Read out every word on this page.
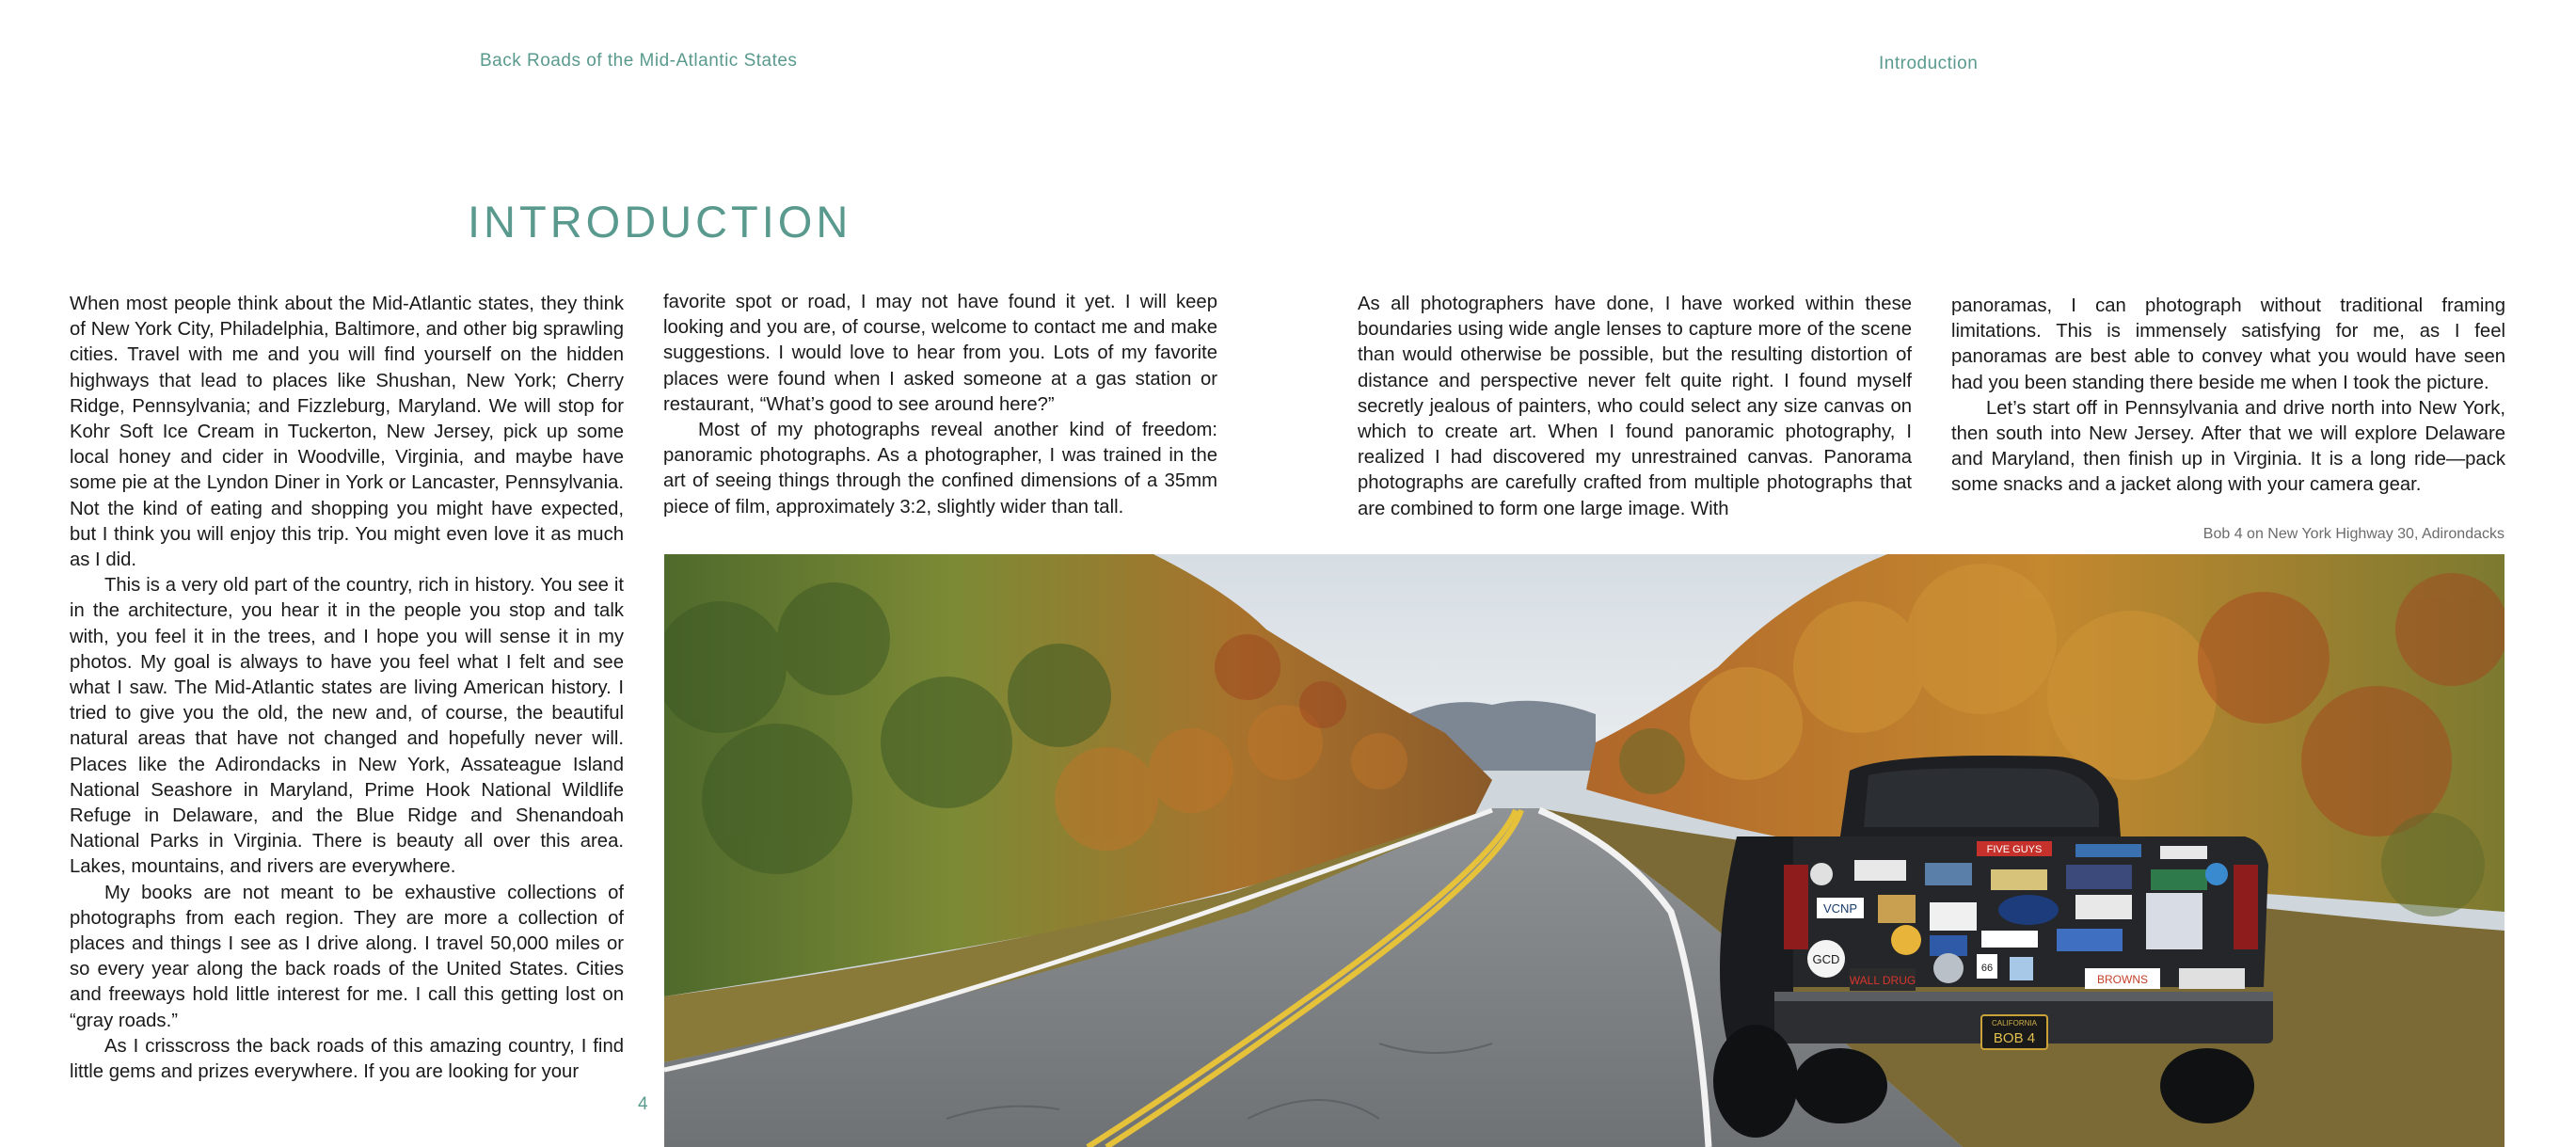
Back Roads of the Mid-Atlantic States	Introduction
INTRODUCTION

When most people think about the Mid-Atlantic states, they think of New York City, Philadelphia, Baltimore, and other big sprawling cities. Travel with me and you will find yourself on the hidden highways that lead to places like Shushan, New York; Cherry Ridge, Pennsylvania; and Fizzleburg, Maryland. We will stop for Kohr Soft Ice Cream in Tuckerton, New Jersey, pick up some local honey and cider in Woodville, Virginia, and maybe have some pie at the Lyndon Diner in York or Lancaster, Pennsylvania. Not the kind of eating and shopping you might have expected, but I think you will enjoy this trip. You might even love it as much as I did.

This is a very old part of the country, rich in history. You see it in the architecture, you hear it in the people you stop and talk with, you feel it in the trees, and I hope you will sense it in my photos. My goal is always to have you feel what I felt and see what I saw. The Mid-Atlantic states are living American history. I tried to give you the old, the new and, of course, the beautiful natural areas that have not changed and hopefully never will. Places like the Adirondacks in New York, Assateague Island National Seashore in Maryland, Prime Hook National Wildlife Refuge in Delaware, and the Blue Ridge and Shenandoah National Parks in Virginia. There is beauty all over this area. Lakes, mountains, and rivers are everywhere.

My books are not meant to be exhaustive collections of photographs from each region. They are more a collection of places and things I see as I drive along. I travel 50,000 miles or so every year along the back roads of the United States. Cities and freeways hold little interest for me. I call this getting lost on “gray roads.”

As I crisscross the back roads of this amazing country, I find little gems and prizes everywhere. If you are looking for your

favorite spot or road, I may not have found it yet. I will keep looking and you are, of course, welcome to contact me and make suggestions. I would love to hear from you. Lots of my favorite places were found when I asked someone at a gas station or restaurant, “What’s good to see around here?”

Most of my photographs reveal another kind of freedom: panoramic photographs. As a photographer, I was trained in the art of seeing things through the confined dimensions of a 35mm piece of film, approximately 3:2, slightly wider than tall.

As all photographers have done, I have worked within these boundaries using wide angle lenses to capture more of the scene than would otherwise be possible, but the resulting distortion of distance and perspective never felt quite right. I found myself secretly jealous of painters, who could select any size canvas on which to create art. When I found panoramic photography, I realized I had discovered my unrestrained canvas. Panorama photographs are carefully crafted from multiple photographs that are combined to form one large image. With

panoramas, I can photograph without traditional framing limitations. This is immensely satisfying for me, as I feel panoramas are best able to convey what you would have seen had you been standing there beside me when I took the picture.

Let’s start off in Pennsylvania and drive north into New York, then south into New Jersey. After that we will explore Delaware and Maryland, then finish up in Virginia. It is a long ride—pack some snacks and a jacket along with your camera gear.

4
Bob 4 on New York Highway 30, Adirondacks
FIVE GUYS
VCNP
GCD
WALL DRUG
66
BROWNS
CALIFORNIA
BOB 4
